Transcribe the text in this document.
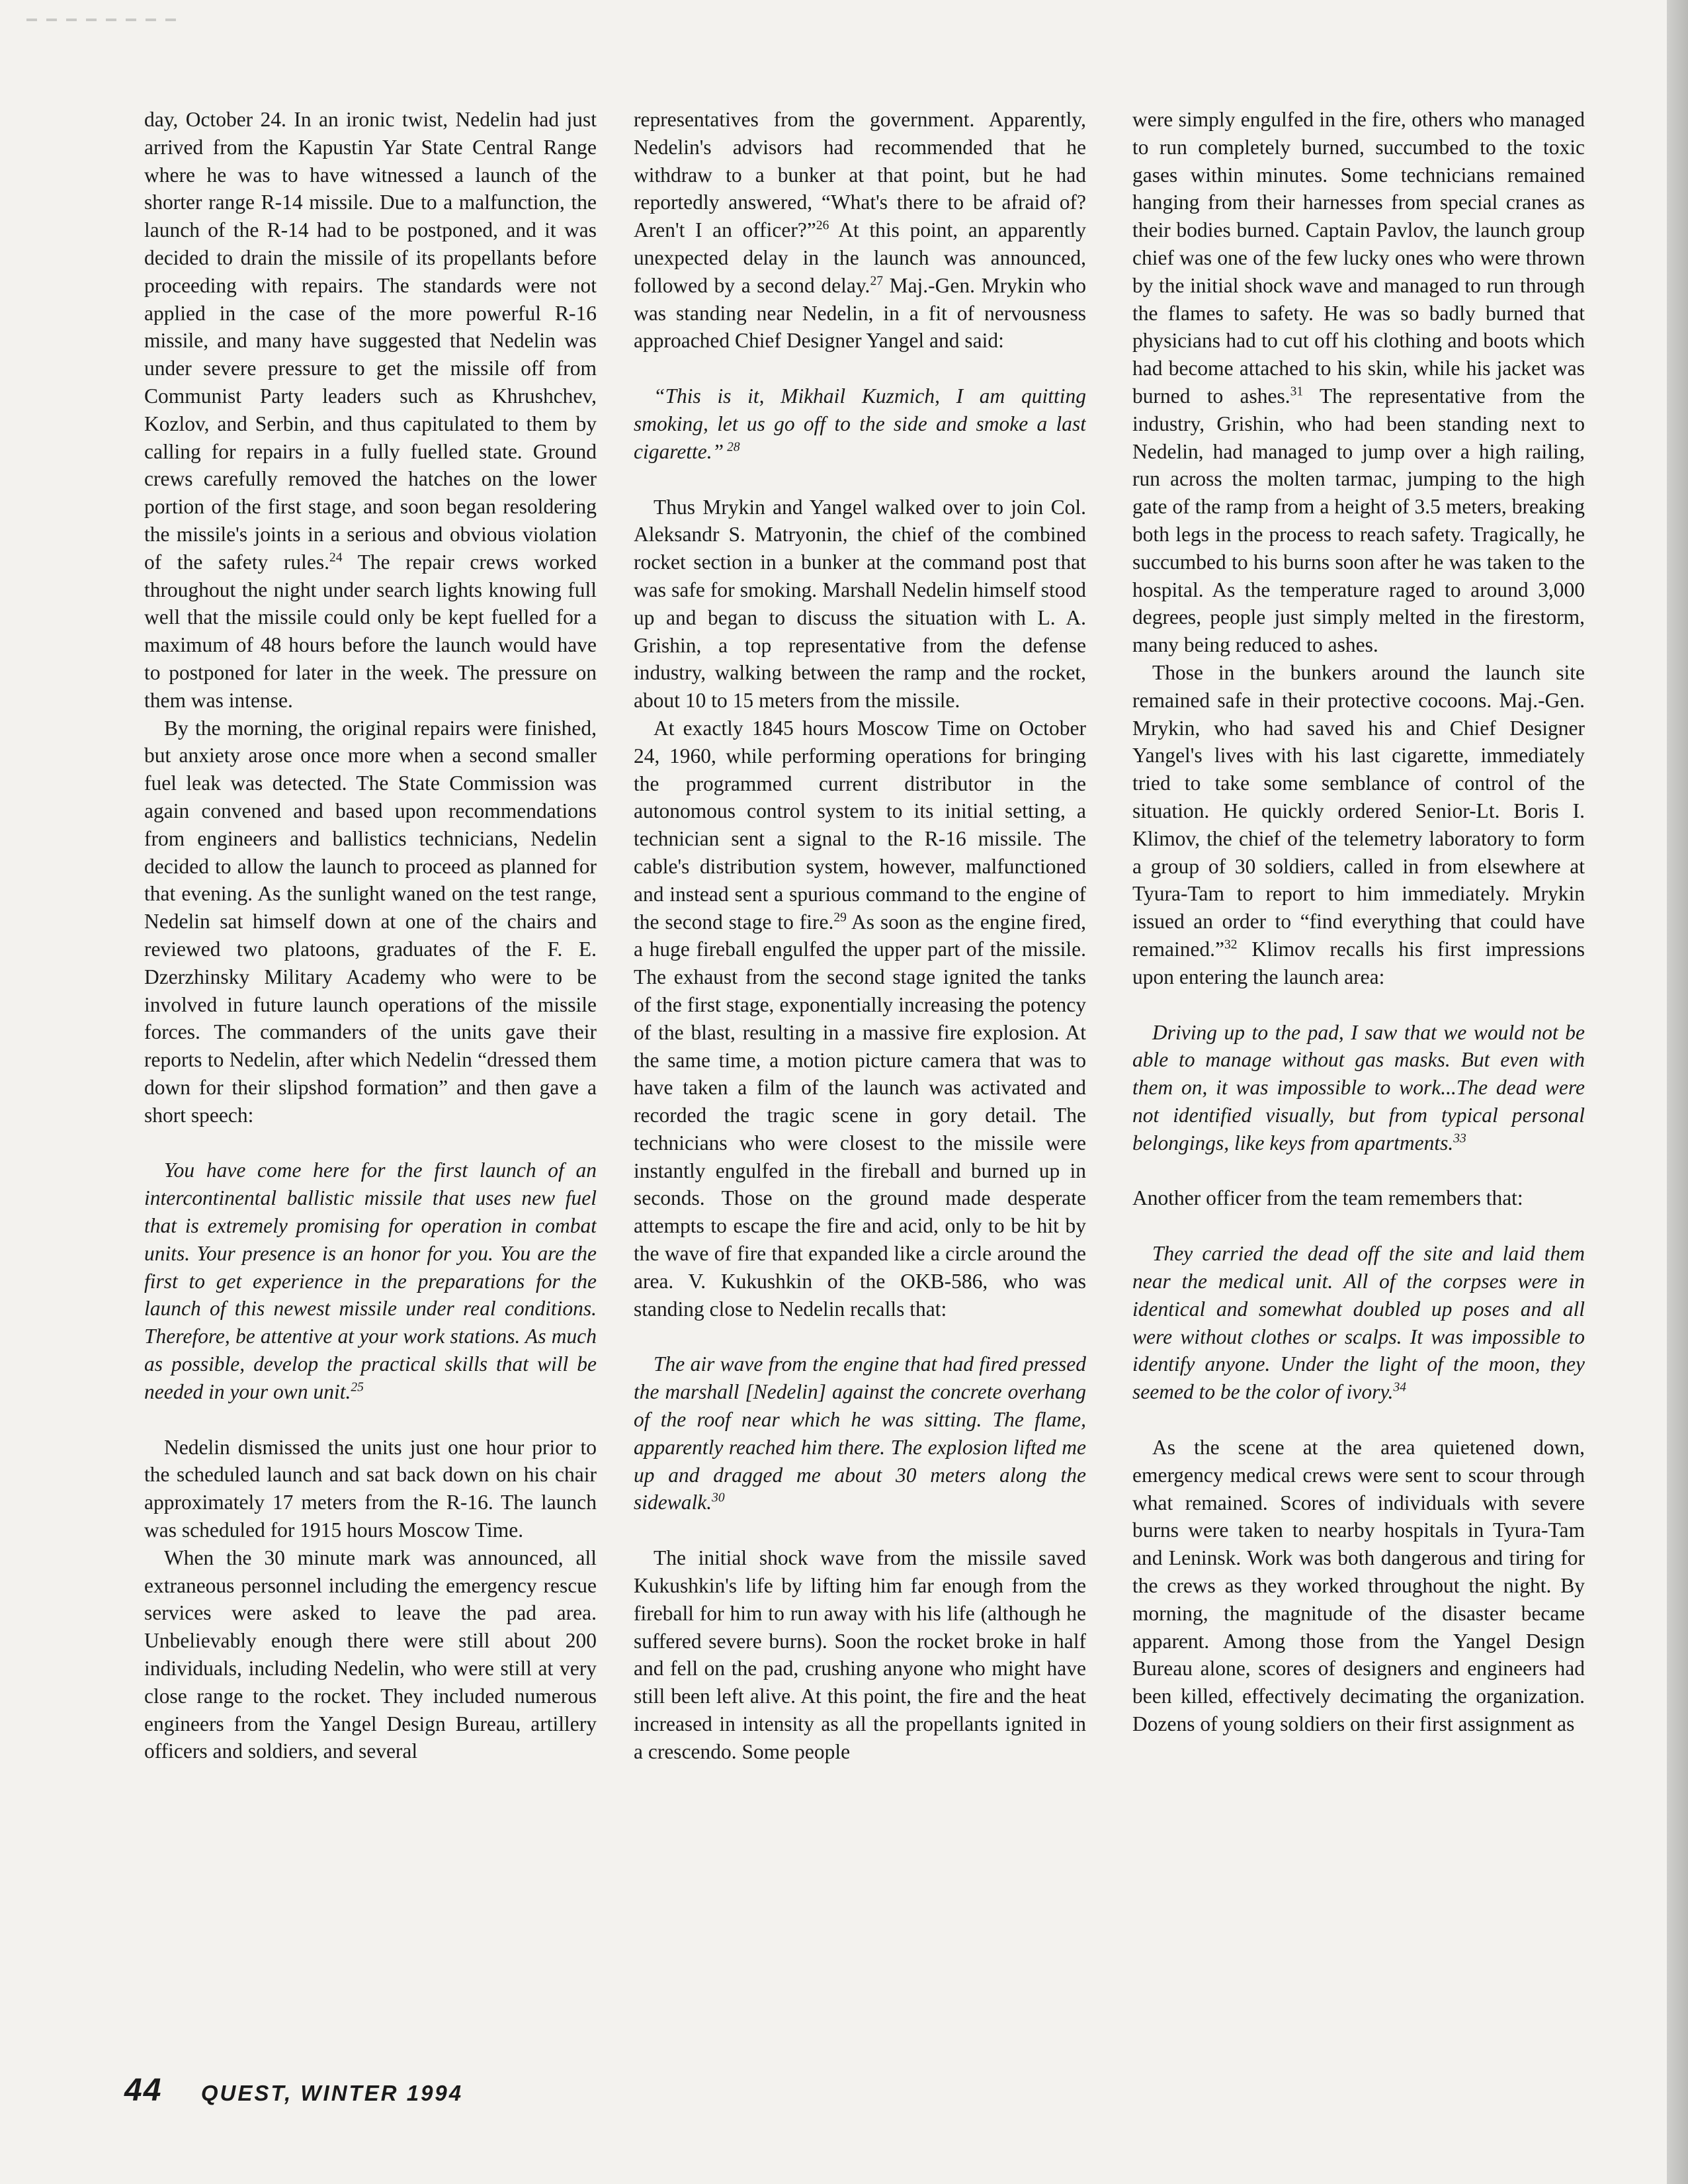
day, October 24. In an ironic twist, Nedelin had just arrived from the Kapustin Yar State Central Range where he was to have witnessed a launch of the shorter range R-14 missile. Due to a malfunction, the launch of the R-14 had to be postponed, and it was decided to drain the missile of its propellants before proceeding with repairs. The standards were not applied in the case of the more powerful R-16 missile, and many have suggested that Nedelin was under severe pressure to get the missile off from Communist Party leaders such as Khrushchev, Kozlov, and Serbin, and thus capitulated to them by calling for repairs in a fully fuelled state. Ground crews carefully removed the hatches on the lower portion of the first stage, and soon began resoldering the missile's joints in a serious and obvious violation of the safety rules.$^{24}$ The repair crews worked throughout the night under search lights knowing full well that the missile could only be kept fuelled for a maximum of 48 hours before the launch would have to postponed for later in the week. The pressure on them was intense.

By the morning, the original repairs were finished, but anxiety arose once more when a second smaller fuel leak was detected. The State Commission was again convened and based upon recommendations from engineers and ballistics technicians, Nedelin decided to allow the launch to proceed as planned for that evening. As the sunlight waned on the test range, Nedelin sat himself down at one of the chairs and reviewed two platoons, graduates of the F. E. Dzerzhinsky Military Academy who were to be involved in future launch operations of the missile forces. The commanders of the units gave their reports to Nedelin, after which Nedelin “dressed them down for their slipshod formation” and then gave a short speech:

You have come here for the first launch of an intercontinental ballistic missile that uses new fuel that is extremely promising for operation in combat units. Your presence is an honor for you. You are the first to get experience in the preparations for the launch of this newest missile under real conditions. Therefore, be attentive at your work stations. As much as possible, develop the practical skills that will be needed in your own unit.$^{25}$

Nedelin dismissed the units just one hour prior to the scheduled launch and sat back down on his chair approximately 17 meters from the R-16. The launch was scheduled for 1915 hours Moscow Time.

When the 30 minute mark was announced, all extraneous personnel including the emergency rescue services were asked to leave the pad area. Unbelievably enough there were still about 200 individuals, including Nedelin, who were still at very close range to the rocket. They included numerous engineers from the Yangel Design Bureau, artillery officers and soldiers, and several

representatives from the government. Apparently, Nedelin's advisors had recommended that he withdraw to a bunker at that point, but he had reportedly answered, “What's there to be afraid of? Aren't I an officer?”$^{26}$ At this point, an apparently unexpected delay in the launch was announced, followed by a second delay.$^{27}$ Maj.-Gen. Mrykin who was standing near Nedelin, in a fit of nervousness approached Chief Designer Yangel and said:

“This is it, Mikhail Kuzmich, I am quitting smoking, let us go off to the side and smoke a last cigarette.” $^{28}$

Thus Mrykin and Yangel walked over to join Col. Aleksandr S. Matryonin, the chief of the combined rocket section in a bunker at the command post that was safe for smoking. Marshall Nedelin himself stood up and began to discuss the situation with L. A. Grishin, a top representative from the defense industry, walking between the ramp and the rocket, about 10 to 15 meters from the missile.

At exactly 1845 hours Moscow Time on October 24, 1960, while performing operations for bringing the programmed current distributor in the autonomous control system to its initial setting, a technician sent a signal to the R-16 missile. The cable's distribution system, however, malfunctioned and instead sent a spurious command to the engine of the second stage to fire.$^{29}$ As soon as the engine fired, a huge fireball engulfed the upper part of the missile. The exhaust from the second stage ignited the tanks of the first stage, exponentially increasing the potency of the blast, resulting in a massive fire explosion. At the same time, a motion picture camera that was to have taken a film of the launch was activated and recorded the tragic scene in gory detail. The technicians who were closest to the missile were instantly engulfed in the fireball and burned up in seconds. Those on the ground made desperate attempts to escape the fire and acid, only to be hit by the wave of fire that expanded like a circle around the area. V. Kukushkin of the OKB-586, who was standing close to Nedelin recalls that:

The air wave from the engine that had fired pressed the marshall [Nedelin] against the concrete overhang of the roof near which he was sitting. The flame, apparently reached him there. The explosion lifted me up and dragged me about 30 meters along the sidewalk.$^{30}$

The initial shock wave from the missile saved Kukushkin's life by lifting him far enough from the fireball for him to run away with his life (although he suffered severe burns). Soon the rocket broke in half and fell on the pad, crushing anyone who might have still been left alive. At this point, the fire and the heat increased in intensity as all the propellants ignited in a crescendo. Some people

were simply engulfed in the fire, others who managed to run completely burned, succumbed to the toxic gases within minutes. Some technicians remained hanging from their harnesses from special cranes as their bodies burned. Captain Pavlov, the launch group chief was one of the few lucky ones who were thrown by the initial shock wave and managed to run through the flames to safety. He was so badly burned that physicians had to cut off his clothing and boots which had become attached to his skin, while his jacket was burned to ashes.$^{31}$ The representative from the industry, Grishin, who had been standing next to Nedelin, had managed to jump over a high railing, run across the molten tarmac, jumping to the high gate of the ramp from a height of 3.5 meters, breaking both legs in the process to reach safety. Tragically, he succumbed to his burns soon after he was taken to the hospital. As the temperature raged to around 3,000 degrees, people just simply melted in the firestorm, many being reduced to ashes.

Those in the bunkers around the launch site remained safe in their protective cocoons. Maj.-Gen. Mrykin, who had saved his and Chief Designer Yangel's lives with his last cigarette, immediately tried to take some semblance of control of the situation. He quickly ordered Senior-Lt. Boris I. Klimov, the chief of the telemetry laboratory to form a group of 30 soldiers, called in from elsewhere at Tyura-Tam to report to him immediately. Mrykin issued an order to “find everything that could have remained.”$^{32}$ Klimov recalls his first impressions upon entering the launch area:

Driving up to the pad, I saw that we would not be able to manage without gas masks. But even with them on, it was impossible to work...The dead were not identified visually, but from typical personal belongings, like keys from apartments.$^{33}$

Another officer from the team remembers that:

They carried the dead off the site and laid them near the medical unit. All of the corpses were in identical and somewhat doubled up poses and all were without clothes or scalps. It was impossible to identify anyone. Under the light of the moon, they seemed to be the color of ivory.$^{34}$

As the scene at the area quietened down, emergency medical crews were sent to scour through what remained. Scores of individuals with severe burns were taken to nearby hospitals in Tyura-Tam and Leninsk. Work was both dangerous and tiring for the crews as they worked throughout the night. By morning, the magnitude of the disaster became apparent. Among those from the Yangel Design Bureau alone, scores of designers and engineers had been killed, effectively decimating the organization. Dozens of young soldiers on their first assignment as

44 QUEST, WINTER 1994
